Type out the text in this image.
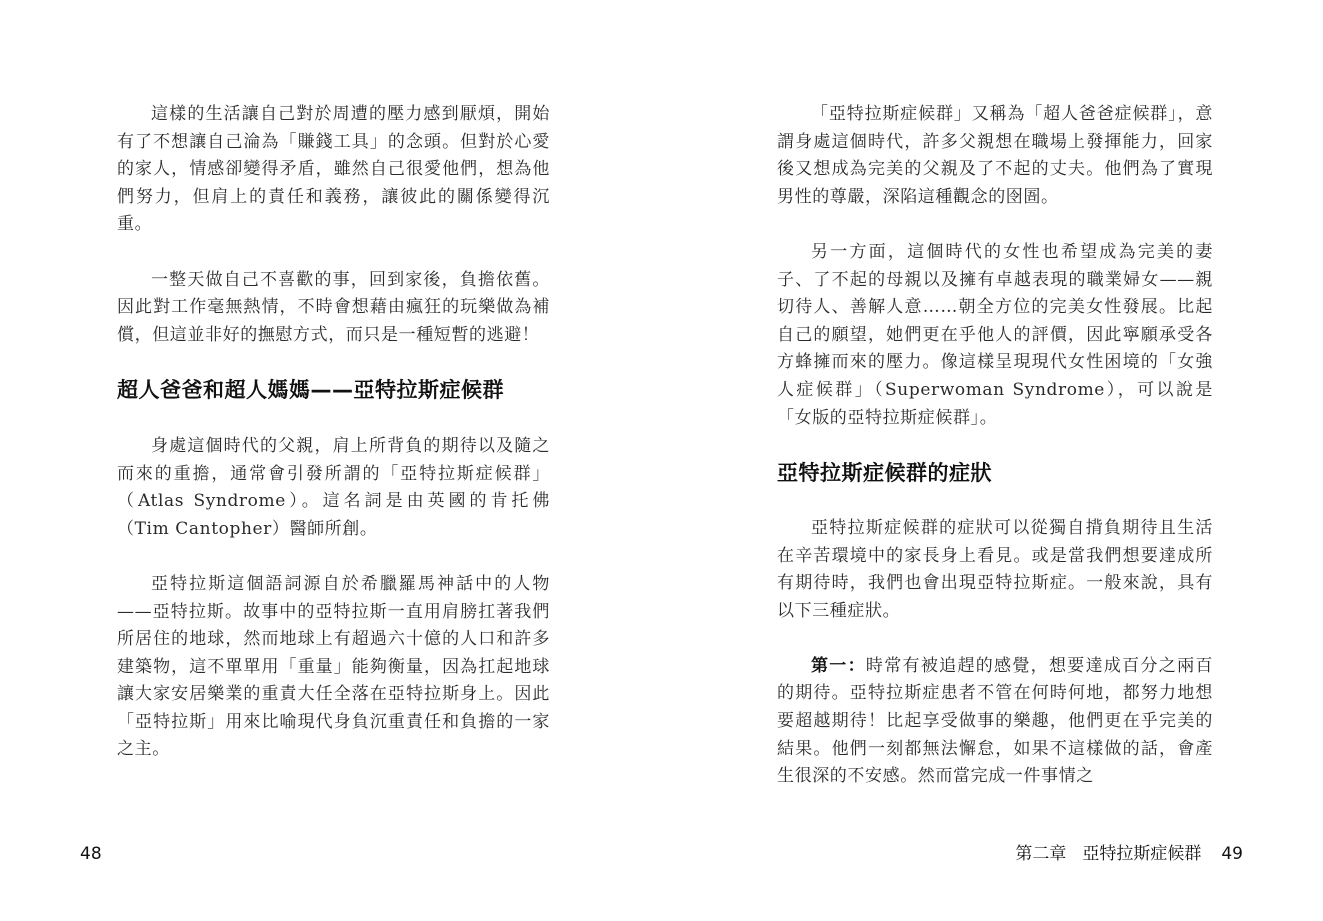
這樣的生活讓自己對於周遭的壓力感到厭煩，開始有了不想讓自己淪為「賺錢工具」的念頭。但對於心愛的家人，情感卻變得矛盾，雖然自己很愛他們，想為他們努力，但肩上的責任和義務，讓彼此的關係變得沉重。

一整天做自己不喜歡的事，回到家後，負擔依舊。因此對工作毫無熱情，不時會想藉由瘋狂的玩樂做為補償，但這並非好的撫慰方式，而只是一種短暫的逃避！

超人爸爸和超人媽媽——亞特拉斯症候群

身處這個時代的父親，肩上所背負的期待以及隨之而來的重擔，通常會引發所謂的「亞特拉斯症候群」（Atlas Syndrome）。這名詞是由英國的肯托佛（Tim Cantopher）醫師所創。

亞特拉斯這個語詞源自於希臘羅馬神話中的人物——亞特拉斯。故事中的亞特拉斯一直用肩膀扛著我們所居住的地球，然而地球上有超過六十億的人口和許多建築物，這不單單用「重量」能夠衡量，因為扛起地球讓大家安居樂業的重責大任全落在亞特拉斯身上。因此「亞特拉斯」用來比喻現代身負沉重責任和負擔的一家之主。

48

「亞特拉斯症候群」又稱為「超人爸爸症候群」，意謂身處這個時代，許多父親想在職場上發揮能力，回家後又想成為完美的父親及了不起的丈夫。他們為了實現男性的尊嚴，深陷這種觀念的囹圄。

另一方面，這個時代的女性也希望成為完美的妻子、了不起的母親以及擁有卓越表現的職業婦女——親切待人、善解人意……朝全方位的完美女性發展。比起自己的願望，她們更在乎他人的評價，因此寧願承受各方蜂擁而來的壓力。像這樣呈現現代女性困境的「女強人症候群」（Superwoman Syndrome），可以說是「女版的亞特拉斯症候群」。

亞特拉斯症候群的症狀

亞特拉斯症候群的症狀可以從獨自揹負期待且生活在辛苦環境中的家長身上看見。或是當我們想要達成所有期待時，我們也會出現亞特拉斯症。一般來說，具有以下三種症狀。

第一：時常有被追趕的感覺，想要達成百分之兩百的期待。亞特拉斯症患者不管在何時何地，都努力地想要超越期待！比起享受做事的樂趣，他們更在乎完美的結果。他們一刻都無法懈怠，如果不這樣做的話，會產生很深的不安感。然而當完成一件事情之

第二章 亞特拉斯症候群 49
